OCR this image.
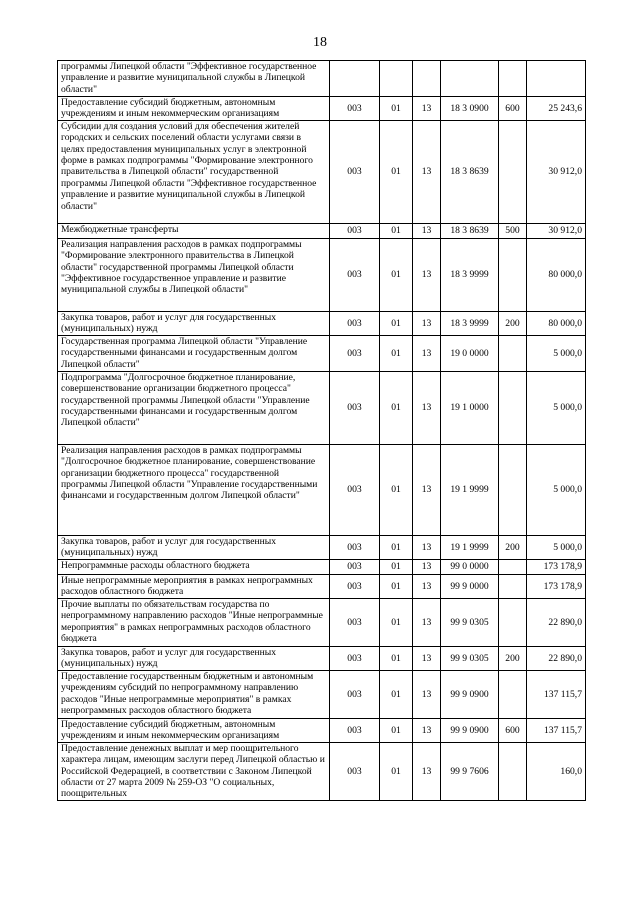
18
программы Липецкой области "Эффективное государственное управление и развитие муниципальной службы в Липецкой области"						
Предоставление субсидий бюджетным, автономным учреждениям и иным некоммерческим организациям	003	01	13	18 3 0900	600	25 243,6
Субсидии для создания условий для обеспечения жителей городских и сельских поселений области услугами связи в целях предоставления муниципальных услуг в электронной форме в рамках подпрограммы "Формирование электронного правительства в Липецкой области" государственной программы Липецкой области "Эффективное государственное управление и развитие муниципальной службы в Липецкой области"	003	01	13	18 3 8639		30 912,0
Межбюджетные трансферты	003	01	13	18 3 8639	500	30 912,0
Реализация направления расходов в рамках подпрограммы "Формирование электронного правительства в Липецкой области" государственной программы Липецкой области "Эффективное государственное управление и развитие муниципальной службы в Липецкой области"	003	01	13	18 3 9999		80 000,0
Закупка товаров, работ и услуг для государственных (муниципальных) нужд	003	01	13	18 3 9999	200	80 000,0
Государственная программа Липецкой области "Управление государственными финансами и государственным долгом Липецкой области"	003	01	13	19 0 0000		5 000,0
Подпрограмма "Долгосрочное бюджетное планирование, совершенствование организации бюджетного процесса" государственной программы Липецкой области "Управление государственными финансами и государственным долгом Липецкой области"	003	01	13	19 1 0000		5 000,0
Реализация направления расходов в рамках подпрограммы "Долгосрочное бюджетное планирование, совершенствование организации бюджетного процесса" государственной программы Липецкой области "Управление государственными финансами и государственным долгом Липецкой области"	003	01	13	19 1 9999		5 000,0
Закупка товаров, работ и услуг для государственных (муниципальных) нужд	003	01	13	19 1 9999	200	5 000,0
Непрограммные расходы областного бюджета	003	01	13	99 0 0000		173 178,9
Иные непрограммные мероприятия в рамках непрограммных расходов областного бюджета	003	01	13	99 9 0000		173 178,9
Прочие выплаты по обязательствам государства по непрограммному направлению расходов "Иные непрограммные мероприятия" в рамках непрограммных расходов областного бюджета	003	01	13	99 9 0305		22 890,0
Закупка товаров, работ и услуг для государственных (муниципальных) нужд	003	01	13	99 9 0305	200	22 890,0
Предоставление государственным бюджетным и автономным учреждениям субсидий по непрограммному направлению расходов "Иные непрограммные мероприятия" в рамках непрограммных расходов областного бюджета	003	01	13	99 9 0900		137 115,7
Предоставление субсидий бюджетным, автономным учреждениям и иным некоммерческим организациям	003	01	13	99 9 0900	600	137 115,7
Предоставление денежных выплат и мер поощрительного характера лицам, имеющим заслуги перед Липецкой областью и Российской Федерацией, в соответствии с Законом Липецкой области от 27 марта 2009 № 259-ОЗ "О социальных, поощрительных	003	01	13	99 9 7606		160,0
